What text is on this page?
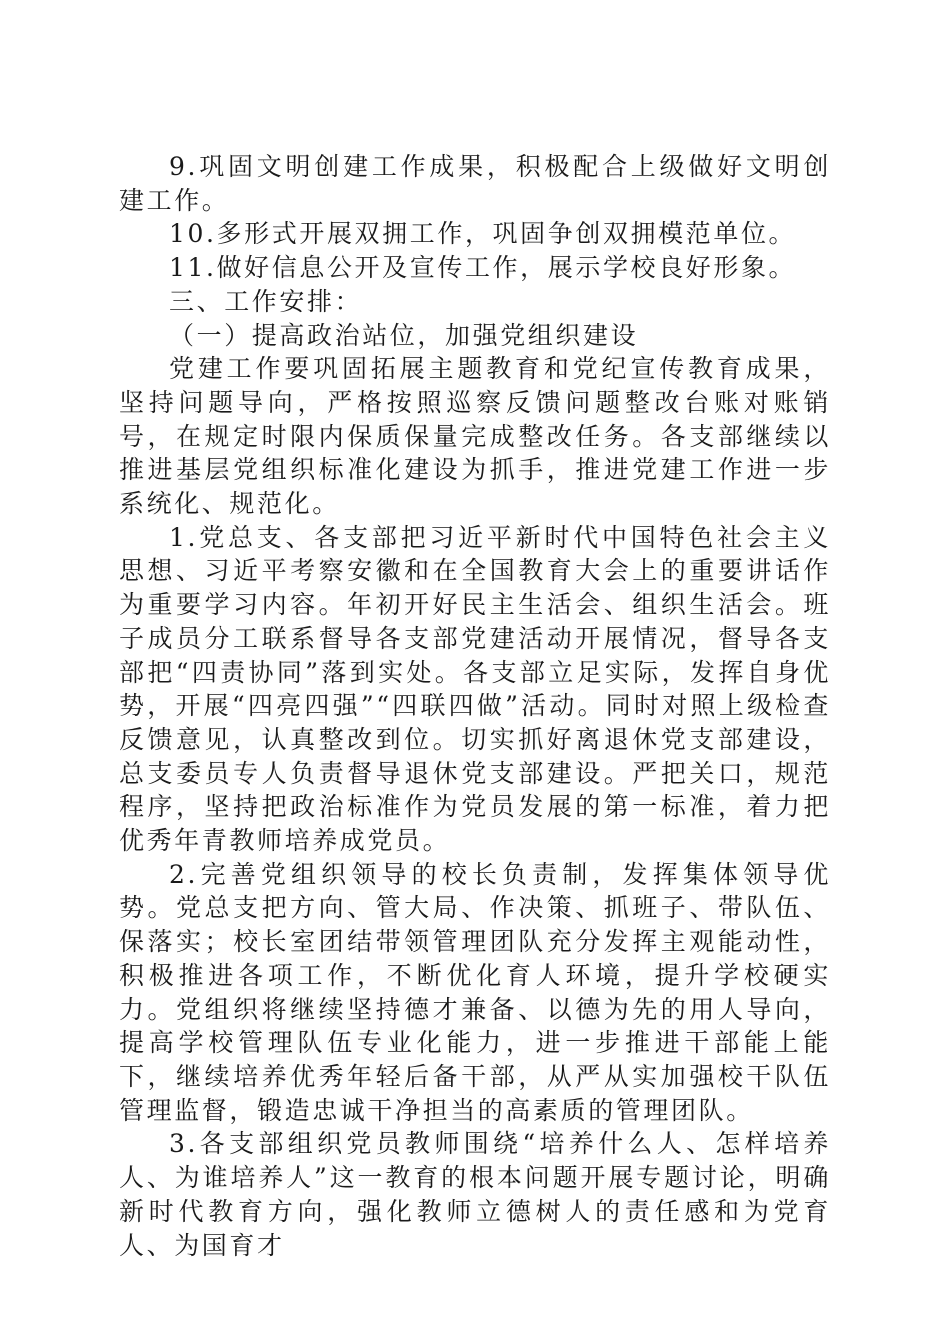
9.巩固文明创建工作成果，积极配合上级做好文明创建工作。

10.多形式开展双拥工作，巩固争创双拥模范单位。

11.做好信息公开及宣传工作，展示学校良好形象。

三、工作安排：

（一）提高政治站位，加强党组织建设

党建工作要巩固拓展主题教育和党纪宣传教育成果，坚持问题导向，严格按照巡察反馈问题整改台账对账销号，在规定时限内保质保量完成整改任务。各支部继续以推进基层党组织标准化建设为抓手，推进党建工作进一步系统化、规范化。

1.党总支、各支部把习近平新时代中国特色社会主义思想、习近平考察安徽和在全国教育大会上的重要讲话作为重要学习内容。年初开好民主生活会、组织生活会。班子成员分工联系督导各支部党建活动开展情况，督导各支部把“四责协同”落到实处。各支部立足实际，发挥自身优势，开展“四亮四强”“四联四做”活动。同时对照上级检查反馈意见，认真整改到位。切实抓好离退休党支部建设，总支委员专人负责督导退休党支部建设。严把关口，规范程序，坚持把政治标准作为党员发展的第一标准，着力把优秀年青教师培养成党员。

2.完善党组织领导的校长负责制，发挥集体领导优势。党总支把方向、管大局、作决策、抓班子、带队伍、保落实；校长室团结带领管理团队充分发挥主观能动性，积极推进各项工作，不断优化育人环境，提升学校硬实力。党组织将继续坚持德才兼备、以德为先的用人导向，提高学校管理队伍专业化能力，进一步推进干部能上能下，继续培养优秀年轻后备干部，从严从实加强校干队伍管理监督，锻造忠诚干净担当的高素质的管理团队。

3.各支部组织党员教师围绕“培养什么人、怎样培养人、为谁培养人”这一教育的根本问题开展专题讨论，明确新时代教育方向，强化教师立德树人的责任感和为党育人、为国育才
